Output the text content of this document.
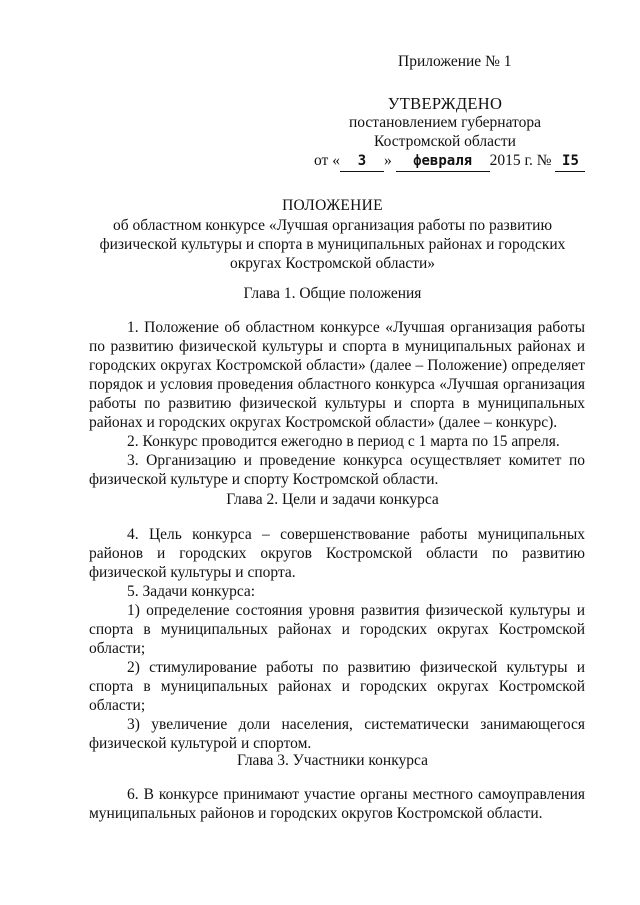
Приложение № 1
УТВЕРЖДЕНО
постановлением губернатора
Костромской области
от « 3 » февраля 2015 г. № I5
ПОЛОЖЕНИЕ
об областном конкурсе «Лучшая организация работы по развитию физической культуры и спорта в муниципальных районах и городских округах Костромской области»
Глава 1. Общие положения

1. Положение об областном конкурсе «Лучшая организация работы по развитию физической культуры и спорта в муниципальных районах и городских округах Костромской области» (далее – Положение) определяет порядок и условия проведения областного конкурса «Лучшая организация работы по развитию физической культуры и спорта в муниципальных районах и городских округах Костромской области» (далее – конкурс).

2. Конкурс проводится ежегодно в период с 1 марта по 15 апреля.

3. Организацию и проведение конкурса осуществляет комитет по физической культуре и спорту Костромской области.

Глава 2. Цели и задачи конкурса

4. Цель конкурса – совершенствование работы муниципальных районов и городских округов Костромской области по развитию физической культуры и спорта.

5. Задачи конкурса:

1) определение состояния уровня развития физической культуры и спорта в муниципальных районах и городских округах Костромской области;

2) стимулирование работы по развитию физической культуры и спорта в муниципальных районах и городских округах Костромской области;

3) увеличение доли населения, систематически занимающегося физической культурой и спортом.

Глава 3. Участники конкурса

6. В конкурсе принимают участие органы местного самоуправления муниципальных районов и городских округов Костромской области.
